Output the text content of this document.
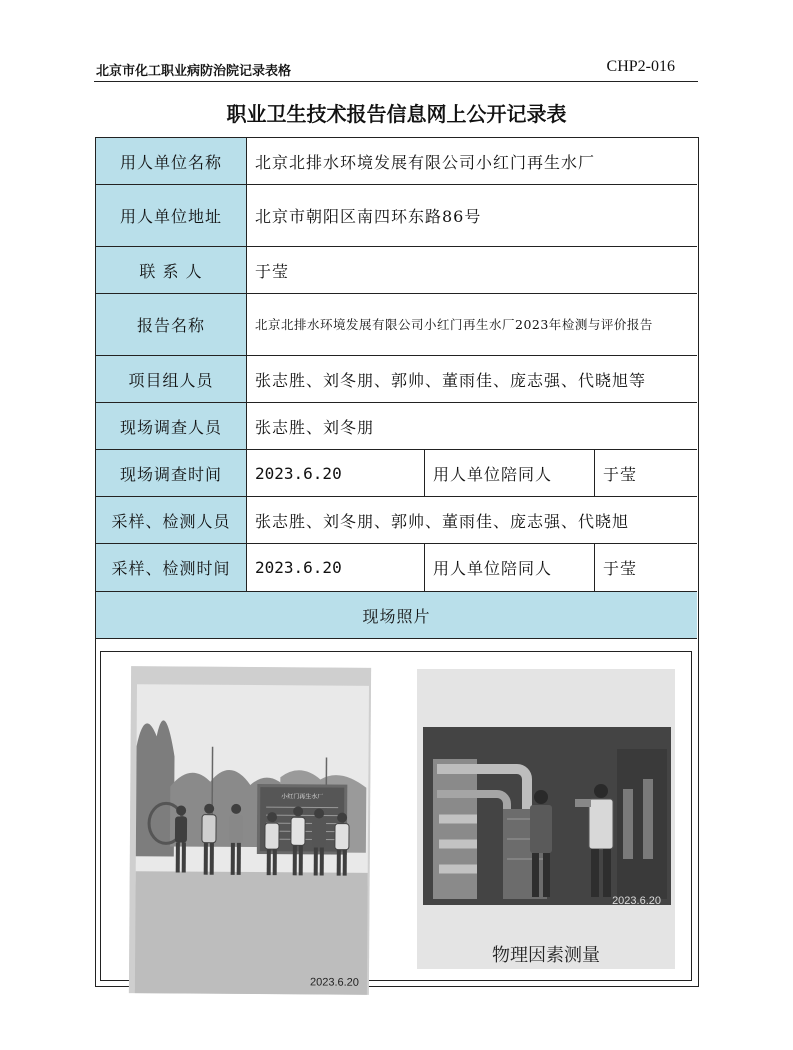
北京市化工职业病防治院记录表格	CHP2-016
职业卫生技术报告信息网上公开记录表
用人单位名称	北京北排水环境发展有限公司小红门再生水厂
用人单位地址	北京市朝阳区南四环东路86号
联 系 人	于莹
报告名称	北京北排水环境发展有限公司小红门再生水厂2023年检测与评价报告
项目组人员	张志胜、刘冬朋、郭帅、董雨佳、庞志强、代晓旭等
现场调查人员	张志胜、刘冬朋
现场调查时间	2023.6.20	用人单位陪同人	于莹
采样、检测人员	张志胜、刘冬朋、郭帅、董雨佳、庞志强、代晓旭
采样、检测时间	2023.6.20	用人单位陪同人	于莹
现场照片
小红门再生水厂
2023.6.20
2023.6.20
物理因素测量
